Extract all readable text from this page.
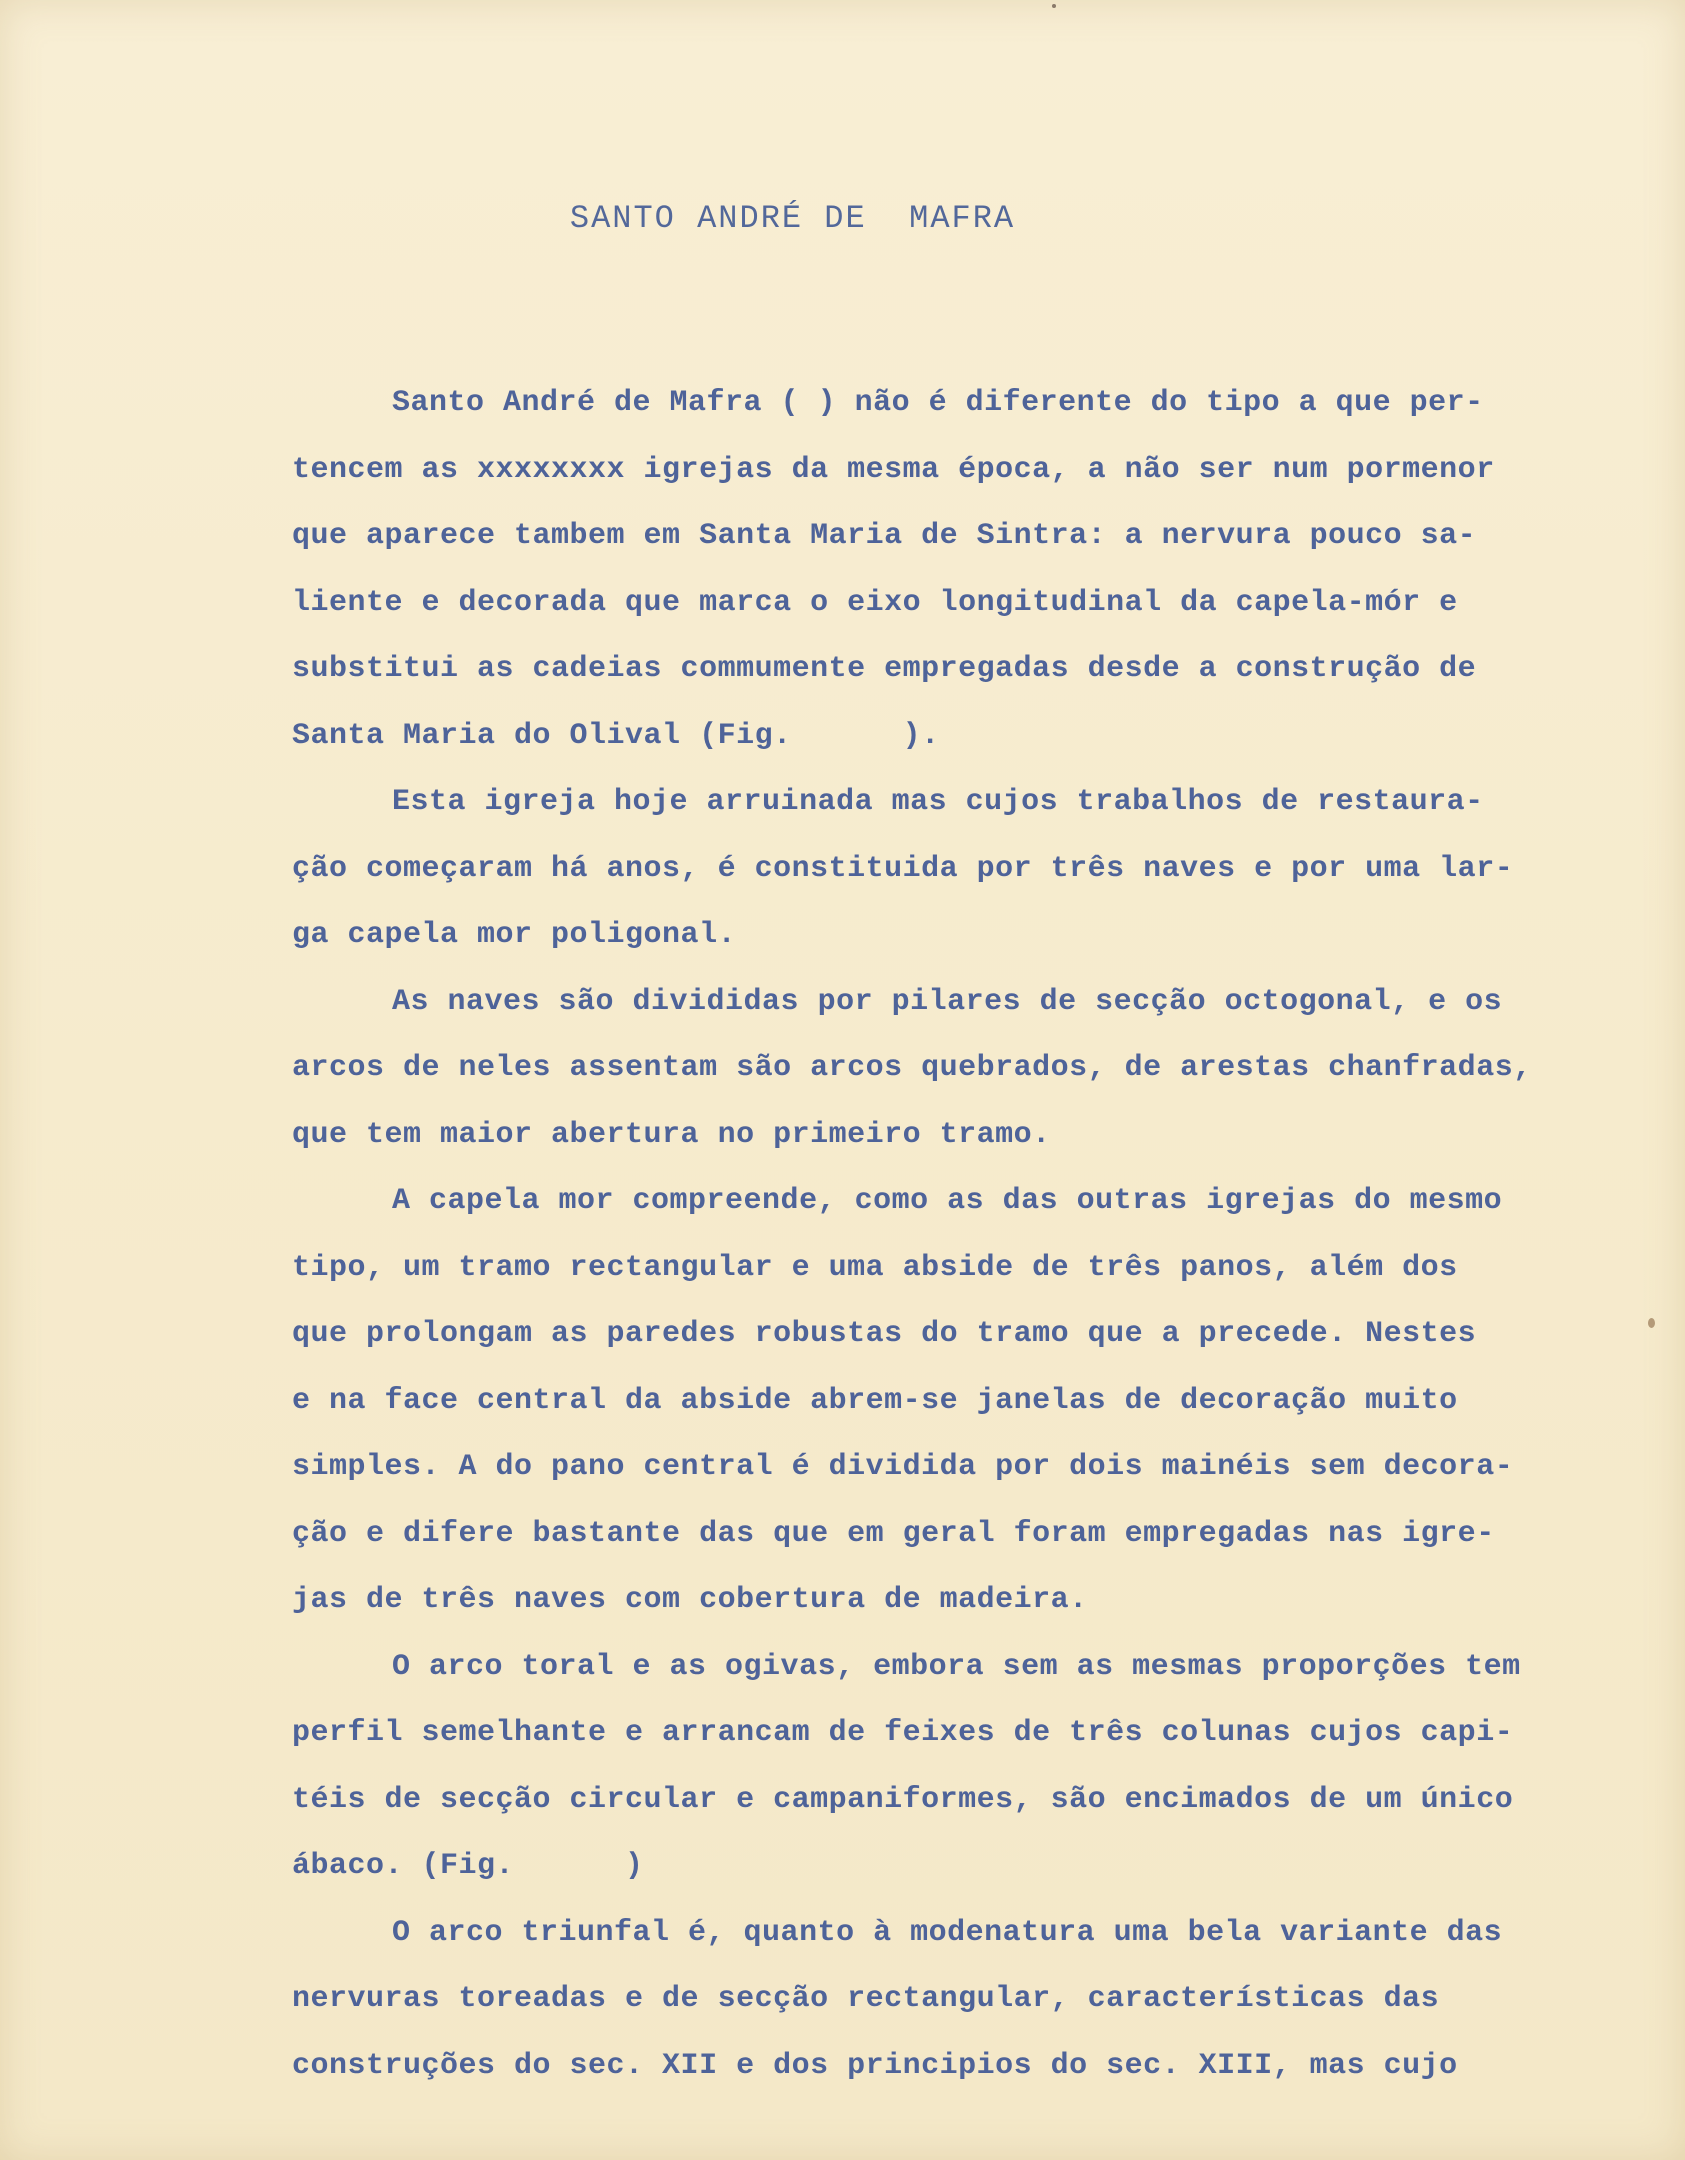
SANTO ANDRÉ DE  MAFRA
Santo André de Mafra ( ) não é diferente do tipo a que per-
tencem as xxxxxxxx igrejas da mesma época, a não ser num pormenor
que aparece tambem em Santa Maria de Sintra: a nervura pouco sa-
liente e decorada que marca o eixo longitudinal da capela-mór e
substitui as cadeias commumente empregadas desde a construção de
Santa Maria do Olival (Fig.      ).
Esta igreja hoje arruinada mas cujos trabalhos de restaura-
ção começaram há anos, é constituida por três naves e por uma lar-
ga capela mor poligonal.
As naves são divididas por pilares de secção octogonal, e os
arcos de neles assentam são arcos quebrados, de arestas chanfradas,
que tem maior abertura no primeiro tramo.
A capela mor compreende, como as das outras igrejas do mesmo
tipo, um tramo rectangular e uma abside de três panos, além dos
que prolongam as paredes robustas do tramo que a precede. Nestes
e na face central da abside abrem-se janelas de decoração muito
simples. A do pano central é dividida por dois mainéis sem decora-
ção e difere bastante das que em geral foram empregadas nas igre-
jas de três naves com cobertura de madeira.
O arco toral e as ogivas, embora sem as mesmas proporções tem
perfil semelhante e arrancam de feixes de três colunas cujos capi-
téis de secção circular e campaniformes, são encimados de um único
ábaco. (Fig.      )
O arco triunfal é, quanto à modenatura uma bela variante das
nervuras toreadas e de secção rectangular, características das
construções do sec. XII e dos principios do sec. XIII, mas cujo
